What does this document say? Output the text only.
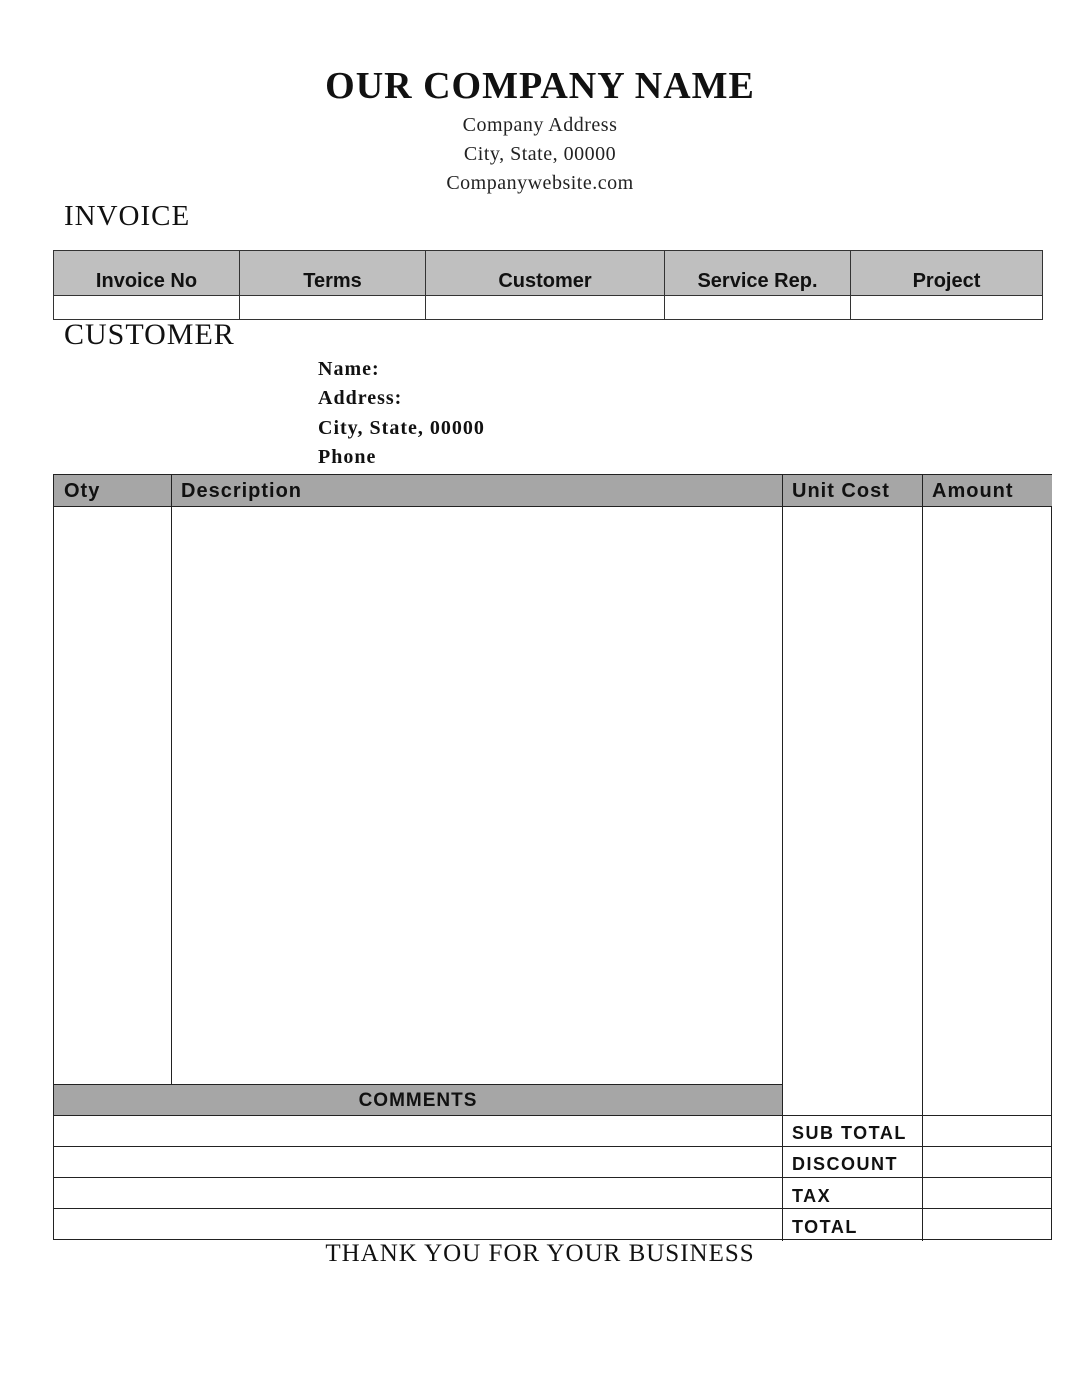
OUR COMPANY NAME
Company Address
City, State, 00000
Companywebsite.com
INVOICE
Invoice No	Terms	Customer	Service Rep.	Project

CUSTOMER
Name:
Address:
City, State, 00000
Phone
Oty	Description	Unit Cost	Amount
COMMENTS
SUB TOTAL
DISCOUNT
TAX
TOTAL
THANK YOU FOR YOUR BUSINESS
